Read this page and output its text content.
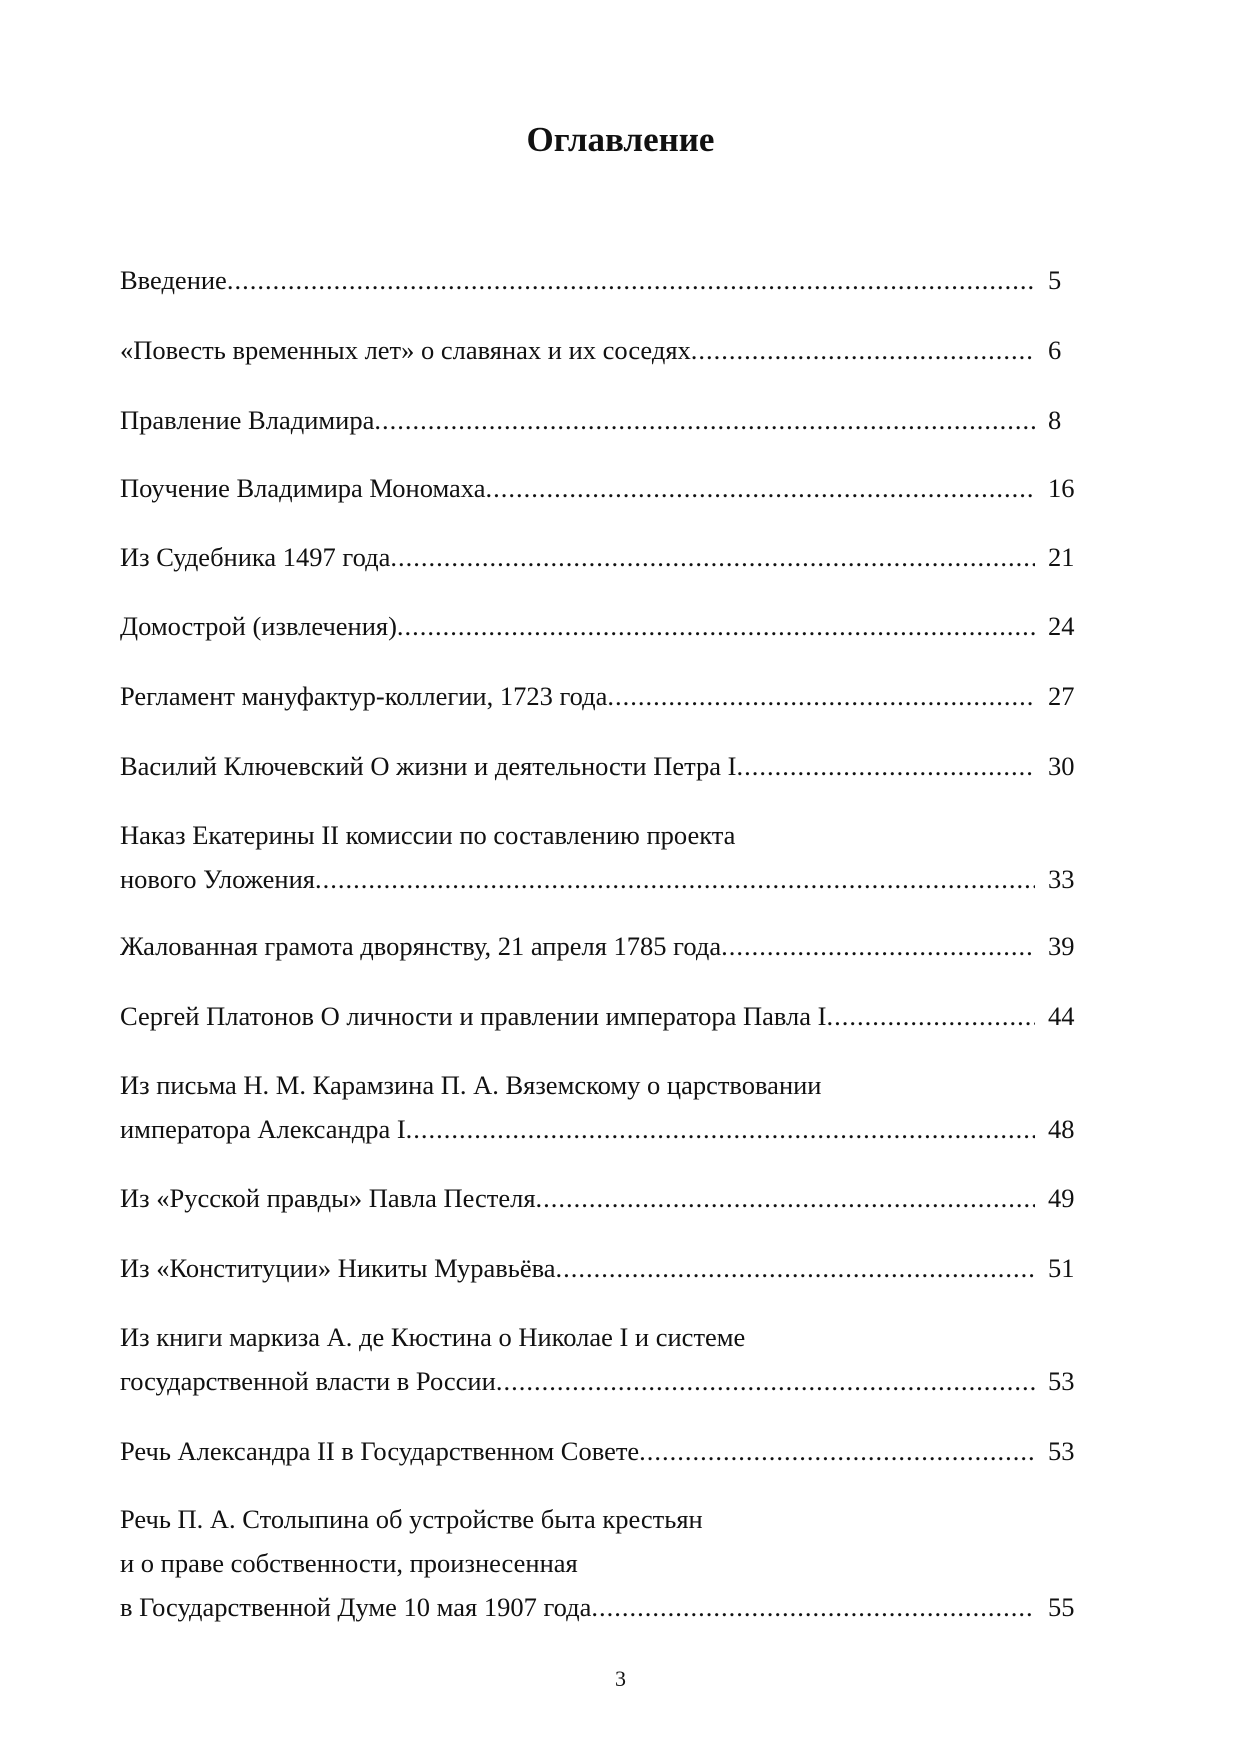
Оглавление
Введение .....	5
«Повесть временных лет» о славянах и их соседях .....	6
Правление Владимира .....	8
Поучение Владимира Мономаха .....	16
Из Судебника 1497 года .....	21
Домострой (извлечения) .....	24
Регламент мануфактур-коллегии, 1723 года .....	27
Василий Ключевский О жизни и деятельности Петра I .....	30
Наказ Екатерины II комиссии по составлению проекта
нового Уложения .....	33
Жалованная грамота дворянству, 21 апреля 1785 года .....	39
Сергей Платонов О личности и правлении императора Павла I .....	44
Из письма Н. М. Карамзина П. А. Вяземскому о царствовании
императора Александра I .....	48
Из «Русской правды» Павла Пестеля .....	49
Из «Конституции» Никиты Муравьёва .....	51
Из книги маркиза А. де Кюстина о Николае I и системе
государственной власти в России .....	53
Речь Александра II в Государственном Совете .....	53
Речь П. А. Столыпина об устройстве быта крестьян
и о праве собственности, произнесенная
в Государственной Думе 10 мая 1907 года .....	55
3
